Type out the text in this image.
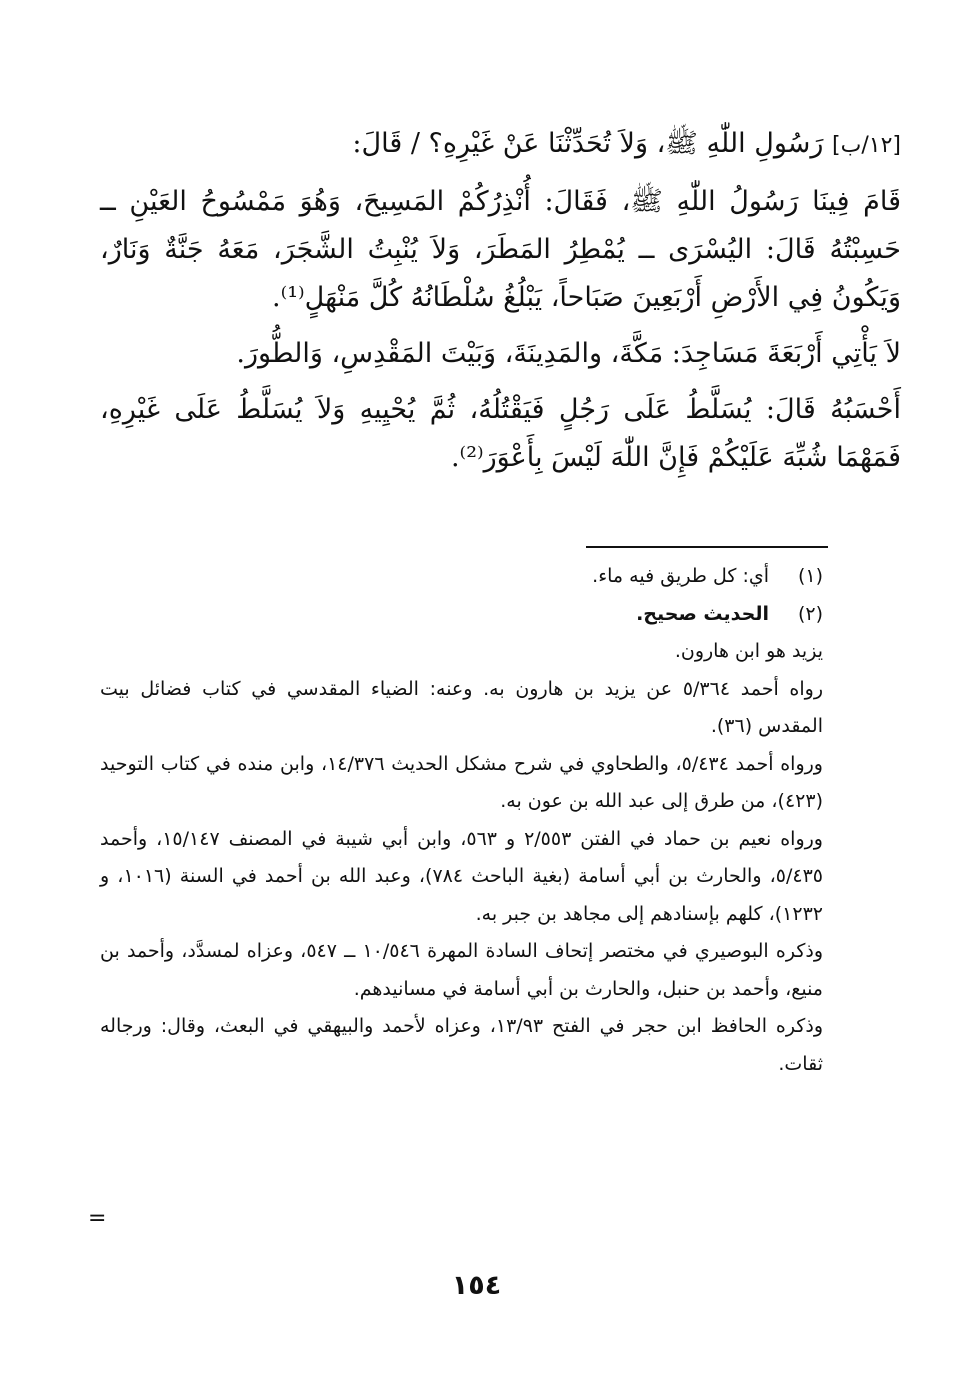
[١٢/ب] رَسُولِ اللّٰهِ ﷺ، وَلاَ تُحَدِّثْنَا عَنْ غَيْرِهِ؟ / قَالَ:

قَامَ فِينَا رَسُولُ اللّٰهِ ﷺ، فَقَالَ: أُنْذِرُكُمْ المَسِيحَ، وَهُوَ مَمْسُوحُ العَيْنِ ــ حَسِبْتُهُ قَالَ: اليُسْرَى ــ يُمْطِرُ المَطَرَ، وَلاَ يُنْبِتُ الشَّجَرَ، مَعَهُ جَنَّةٌ وَنَارٌ، وَيَكُونُ فِي الأَرْضِ أَرْبَعِينَ صَبَاحاً، يَبْلُغُ سُلْطَانُهُ كُلَّ مَنْهَلٍ⁽¹⁾.

لاَ يَأْتِي أَرْبَعَةَ مَسَاجِدَ: مَكَّةَ، والمَدِينَةَ، وَبَيْتَ المَقْدِسِ، وَالطُّورَ.

أَحْسَبُهُ قَالَ: يُسَلَّطُ عَلَى رَجُلٍ فَيَقْتُلُهُ، ثُمَّ يُحْيِيهِ وَلاَ يُسَلَّطُ عَلَى غَيْرِهِ، فَمَهْمَا شُبِّهَ عَلَيْكُمْ فَإِنَّ اللّٰهَ لَيْسَ بِأَعْوَرَ⁽²⁾.

(١)
أي: كل طريق فيه ماء.

(٢)
الحديث صحيح.

يزيد هو ابن هارون.

رواه أحمد ٥/٣٦٤ عن يزيد بن هارون به. وعنه: الضياء المقدسي في كتاب فضائل بيت المقدس (٣٦).

ورواه أحمد ٥/٤٣٤، والطحاوي في شرح مشكل الحديث ١٤/٣٧٦، وابن منده في كتاب التوحيد (٤٢٣)، من طرق إلى عبد الله بن عون به.

ورواه نعيم بن حماد في الفتن ٢/٥٥٣ و ٥٦٣، وابن أبي شيبة في المصنف ١٥/١٤٧، وأحمد ٥/٤٣٥، والحارث بن أبي أسامة (بغية الباحث ٧٨٤)، وعبد الله بن أحمد في السنة (١٠١٦، و ١٢٣٢)، كلهم بإسنادهم إلى مجاهد بن جبر به.

وذكره البوصيري في مختصر إتحاف السادة المهرة ١٠/٥٤٦ ــ ٥٤٧، وعزاه لمسدَّد، وأحمد بن منيع، وأحمد بن حنبل، والحارث بن أبي أسامة في مسانيدهم.

وذكره الحافظ ابن حجر في الفتح ١٣/٩٣، وعزاه لأحمد والبيهقي في البعث، وقال: ورجاله ثقات.

=
١٥٤
